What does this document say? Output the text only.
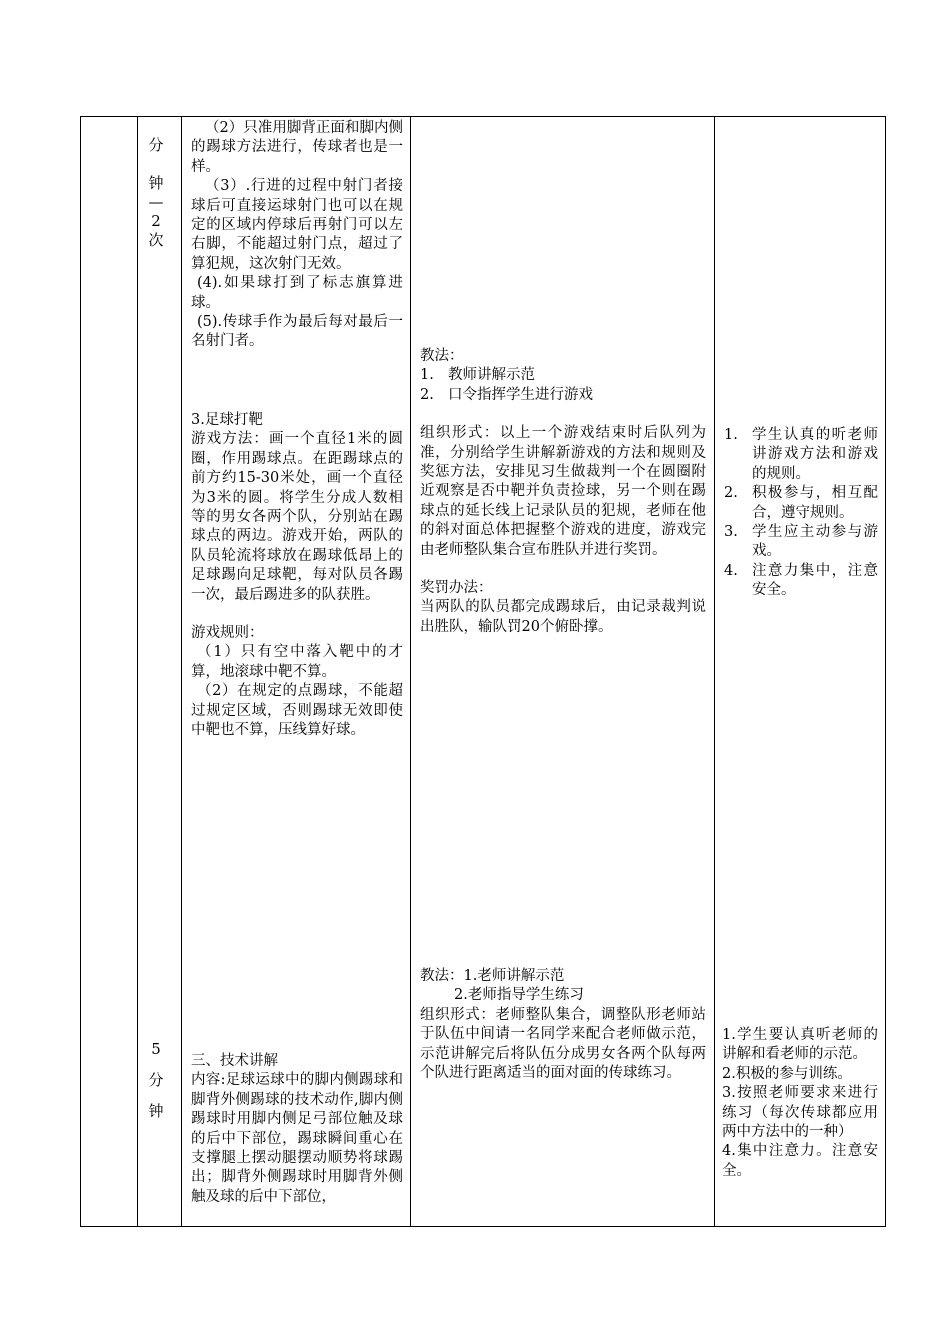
分
钟
—
2
次
5
分
钟

（2）只准用脚背正面和脚内侧的踢球方法进行，传球者也是一样。

（3）.行进的过程中射门者接球后可直接运球射门也可以在规定的区域内停球后再射门可以左右脚，不能超过射门点，超过了算犯规，这次射门无效。

(4).如果球打到了标志旗算进球。

(5).传球手作为最后每对最后一名射门者。

3.足球打靶

游戏方法：画一个直径1米的圆圈，作用踢球点。在距踢球点的前方约15-30米处，画一个直径为3米的圆。将学生分成人数相等的男女各两个队，分别站在踢球点的两边。游戏开始，两队的队员轮流将球放在踢球低昂上的足球踢向足球靶，每对队员各踢一次，最后踢进多的队获胜。

游戏规则：

（1）只有空中落入靶中的才算，地滚球中靶不算。

（2）在规定的点踢球，不能超过规定区域，否则踢球无效即使中靶也不算，压线算好球。

三、技术讲解

内容:足球运球中的脚内侧踢球和脚背外侧踢球的技术动作,脚内侧踢球时用脚内侧足弓部位触及球的后中下部位，踢球瞬间重心在支撑腿上摆动腿摆动顺势将球踢出；脚背外侧踢球时用脚背外侧触及球的后中下部位，

教法：

1. 教师讲解示范
2. 口令指挥学生进行游戏

组织形式：以上一个游戏结束时后队列为准，分别给学生讲解新游戏的方法和规则及奖惩方法，安排见习生做裁判一个在圆圈附近观察是否中靶并负责捡球，另一个则在踢球点的延长线上记录队员的犯规，老师在他的斜对面总体把握整个游戏的进度，游戏完由老师整队集合宣布胜队并进行奖罚。

奖罚办法：

当两队的队员都完成踢球后，由记录裁判说出胜队，输队罚20个俯卧撑。

教法：1.老师讲解示范

2.老师指导学生练习

组织形式：老师整队集合，调整队形老师站于队伍中间请一名同学来配合老师做示范，示范讲解完后将队伍分成男女各两个队每两个队进行距离适当的面对面的传球练习。

1. 学生认真的听老师讲游戏方法和游戏的规则。
2. 积极参与，相互配合，遵守规则。
3. 学生应主动参与游戏。
4. 注意力集中，注意安全。

1.学生要认真听老师的讲解和看老师的示范。

2.积极的参与训练。

3.按照老师要求来进行练习（每次传球都应用两中方法中的一种）

4.集中注意力。注意安全。
